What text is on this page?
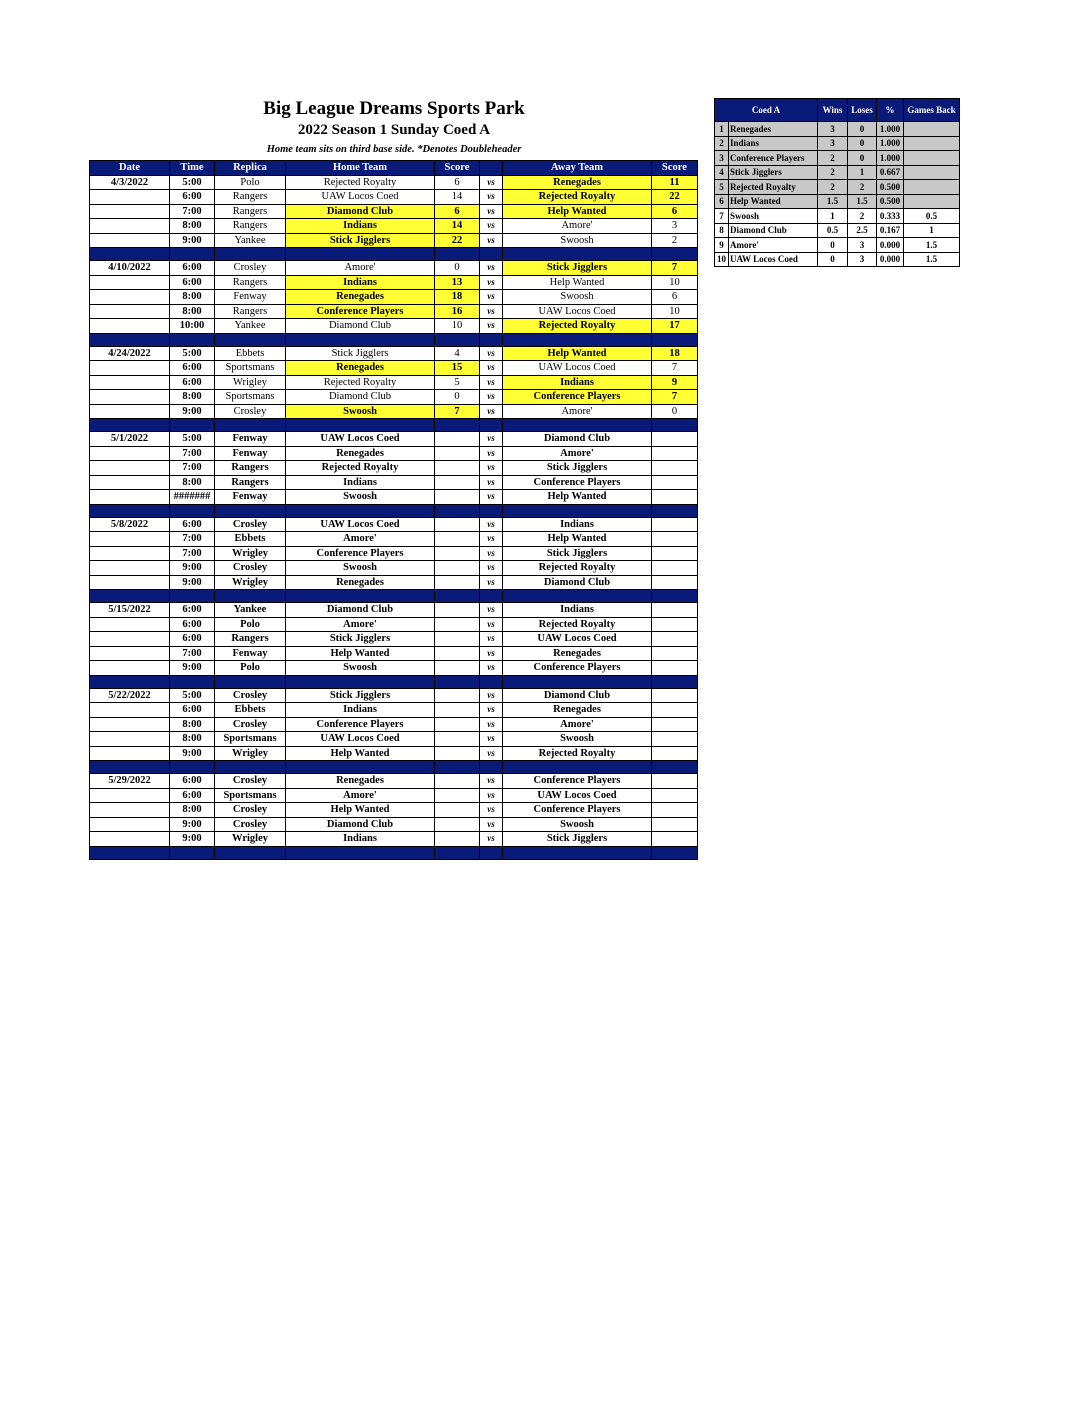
Big League Dreams Sports Park
2022 Season 1 Sunday Coed A
Home team sits on third base side. *Denotes Doubleheader
Date	Time	Replica	Home Team	Score		Away Team	Score
4/3/2022	5:00	Polo	Rejected Royalty	6	vs	Renegades	11
	6:00	Rangers	UAW Locos Coed	14	vs	Rejected Royalty	22
	7:00	Rangers	Diamond Club	6	vs	Help Wanted	6
	8:00	Rangers	Indians	14	vs	Amore'	3
	9:00	Yankee	Stick Jigglers	22	vs	Swoosh	2

4/10/2022	6:00	Crosley	Amore'	0	vs	Stick Jigglers	7
	6:00	Rangers	Indians	13	vs	Help Wanted	10
	8:00	Fenway	Renegades	18	vs	Swoosh	6
	8:00	Rangers	Conference Players	16	vs	UAW Locos Coed	10
	10:00	Yankee	Diamond Club	10	vs	Rejected Royalty	17

4/24/2022	5:00	Ebbets	Stick Jigglers	4	vs	Help Wanted	18
	6:00	Sportsmans	Renegades	15	vs	UAW Locos Coed	7
	6:00	Wrigley	Rejected Royalty	5	vs	Indians	9
	8:00	Sportsmans	Diamond Club	0	vs	Conference Players	7
	9:00	Crosley	Swoosh	7	vs	Amore'	0

5/1/2022	5:00	Fenway	UAW Locos Coed		vs	Diamond Club	
	7:00	Fenway	Renegades		vs	Amore'	
	7:00	Rangers	Rejected Royalty		vs	Stick Jigglers	
	8:00	Rangers	Indians		vs	Conference Players	
	#######	Fenway	Swoosh		vs	Help Wanted	

5/8/2022	6:00	Crosley	UAW Locos Coed		vs	Indians	
	7:00	Ebbets	Amore'		vs	Help Wanted	
	7:00	Wrigley	Conference Players		vs	Stick Jigglers	
	9:00	Crosley	Swoosh		vs	Rejected Royalty	
	9:00	Wrigley	Renegades		vs	Diamond Club	

5/15/2022	6:00	Yankee	Diamond Club		vs	Indians	
	6:00	Polo	Amore'		vs	Rejected Royalty	
	6:00	Rangers	Stick Jigglers		vs	UAW Locos Coed	
	7:00	Fenway	Help Wanted		vs	Renegades	
	9:00	Polo	Swoosh		vs	Conference Players	

5/22/2022	5:00	Crosley	Stick Jigglers		vs	Diamond Club	
	6:00	Ebbets	Indians		vs	Renegades	
	8:00	Crosley	Conference Players		vs	Amore'	
	8:00	Sportsmans	UAW Locos Coed		vs	Swoosh	
	9:00	Wrigley	Help Wanted		vs	Rejected Royalty	

5/29/2022	6:00	Crosley	Renegades		vs	Conference Players	
	6:00	Sportsmans	Amore'		vs	UAW Locos Coed	
	8:00	Crosley	Help Wanted		vs	Conference Players	
	9:00	Crosley	Diamond Club		vs	Swoosh	
	9:00	Wrigley	Indians		vs	Stick Jigglers	

Coed A		Wins	Loses	%	Games Back
1	Renegades	3	0	1.000	
2	Indians	3	0	1.000	
3	Conference Players	2	0	1.000	
4	Stick Jigglers	2	1	0.667	
5	Rejected Royalty	2	2	0.500	
6	Help Wanted	1.5	1.5	0.500	
7	Swoosh	1	2	0.333	0.5
8	Diamond Club	0.5	2.5	0.167	1
9	Amore'	0	3	0.000	1.5
10	UAW Locos Coed	0	3	0.000	1.5
